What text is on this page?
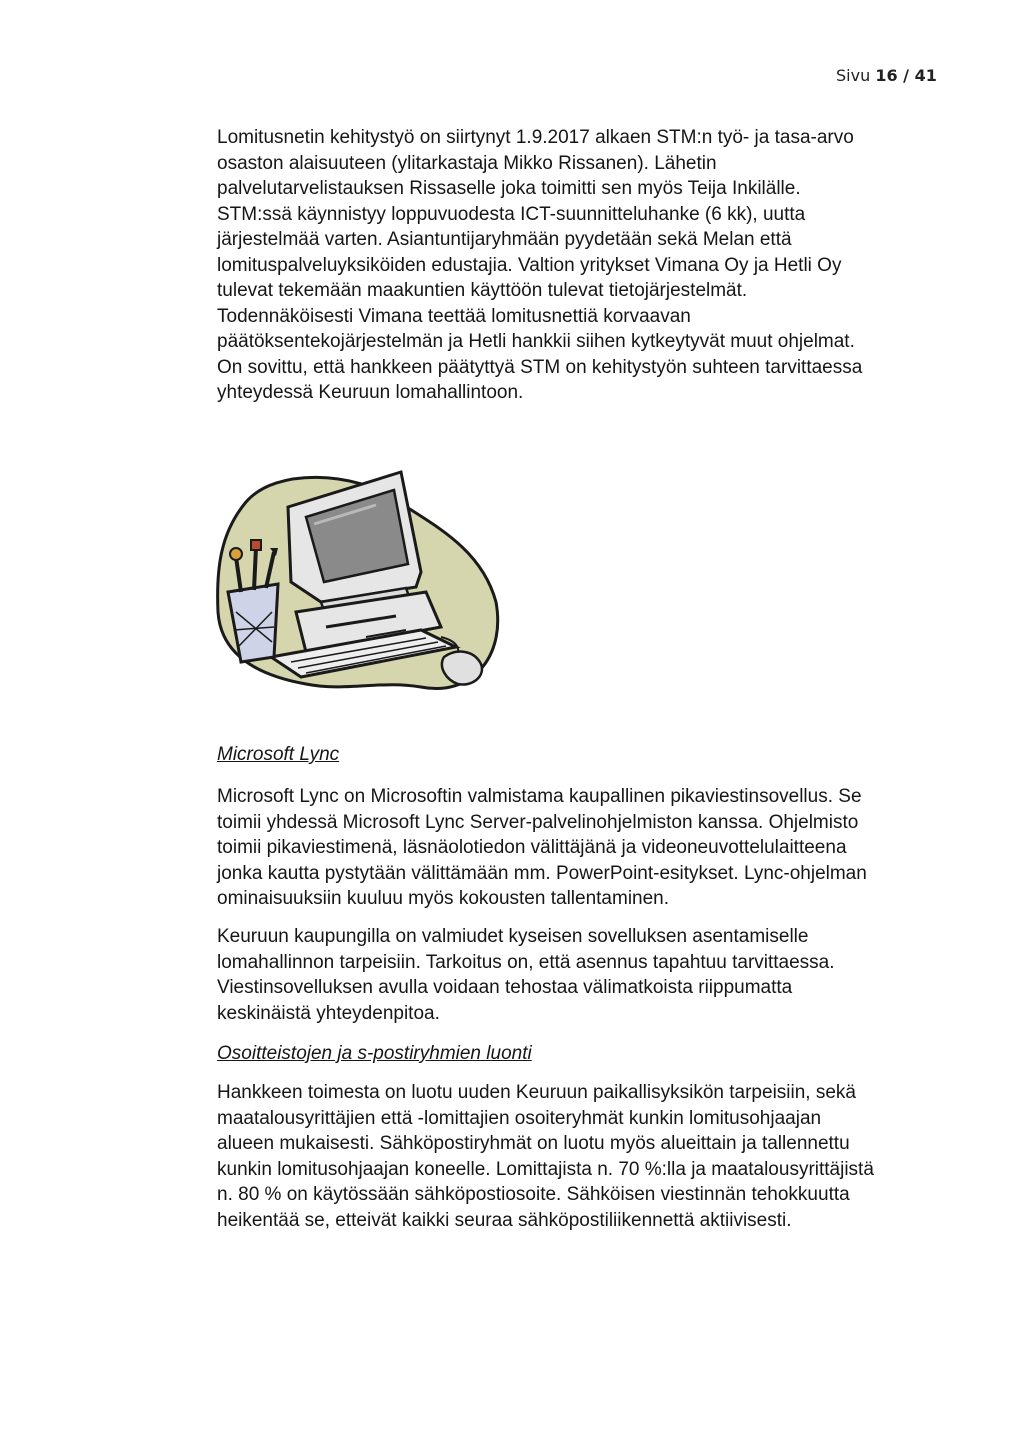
Sivu 16 / 41
Lomitusnetin kehitystyö on siirtynyt 1.9.2017 alkaen STM:n työ- ja tasa-arvo
osaston alaisuuteen (ylitarkastaja Mikko Rissanen). Lähetin
palvelutarvelistauksen Rissaselle joka toimitti sen myös Teija Inkilälle.
STM:ssä käynnistyy loppuvuodesta ICT-suunnitteluhanke (6 kk), uutta
järjestelmää varten. Asiantuntijaryhmään pyydetään sekä Melan että
lomituspalveluyksiköiden edustajia. Valtion yritykset Vimana Oy ja Hetli Oy
tulevat tekemään maakuntien käyttöön tulevat tietojärjestelmät.
Todennäköisesti Vimana teettää lomitusnettiä korvaavan
päätöksentekojärjestelmän ja Hetli hankkii siihen kytkeytyvät muut ohjelmat.
On sovittu, että hankkeen päätyttyä STM on kehitystyön suhteen tarvittaessa
yhteydessä Keuruun lomahallintoon.
Microsoft Lync
Microsoft Lync on Microsoftin valmistama kaupallinen pikaviestinsovellus. Se
toimii yhdessä Microsoft Lync Server-palvelinohjelmiston kanssa. Ohjelmisto
toimii pikaviestimenä, läsnäolotiedon välittäjänä ja videoneuvottelulaitteena
jonka kautta pystytään välittämään mm. PowerPoint-esitykset. Lync-ohjelman
ominaisuuksiin kuuluu myös kokousten tallentaminen.
Keuruun kaupungilla on valmiudet kyseisen sovelluksen asentamiselle
lomahallinnon tarpeisiin. Tarkoitus on, että asennus tapahtuu tarvittaessa.
Viestinsovelluksen avulla voidaan tehostaa välimatkoista riippumatta
keskinäistä yhteydenpitoa.
Osoitteistojen ja s-postiryhmien luonti
Hankkeen toimesta on luotu uuden Keuruun paikallisyksikön tarpeisiin, sekä
maatalousyrittäjien että -lomittajien osoiteryhmät kunkin lomitusohjaajan
alueen mukaisesti. Sähköpostiryhmät on luotu myös alueittain ja tallennettu
kunkin lomitusohjaajan koneelle. Lomittajista n. 70 %:lla ja maatalousyrittäjistä
n. 80 % on käytössään sähköpostiosoite. Sähköisen viestinnän tehokkuutta
heikentää se, etteivät kaikki seuraa sähköpostiliikennettä aktiivisesti.
